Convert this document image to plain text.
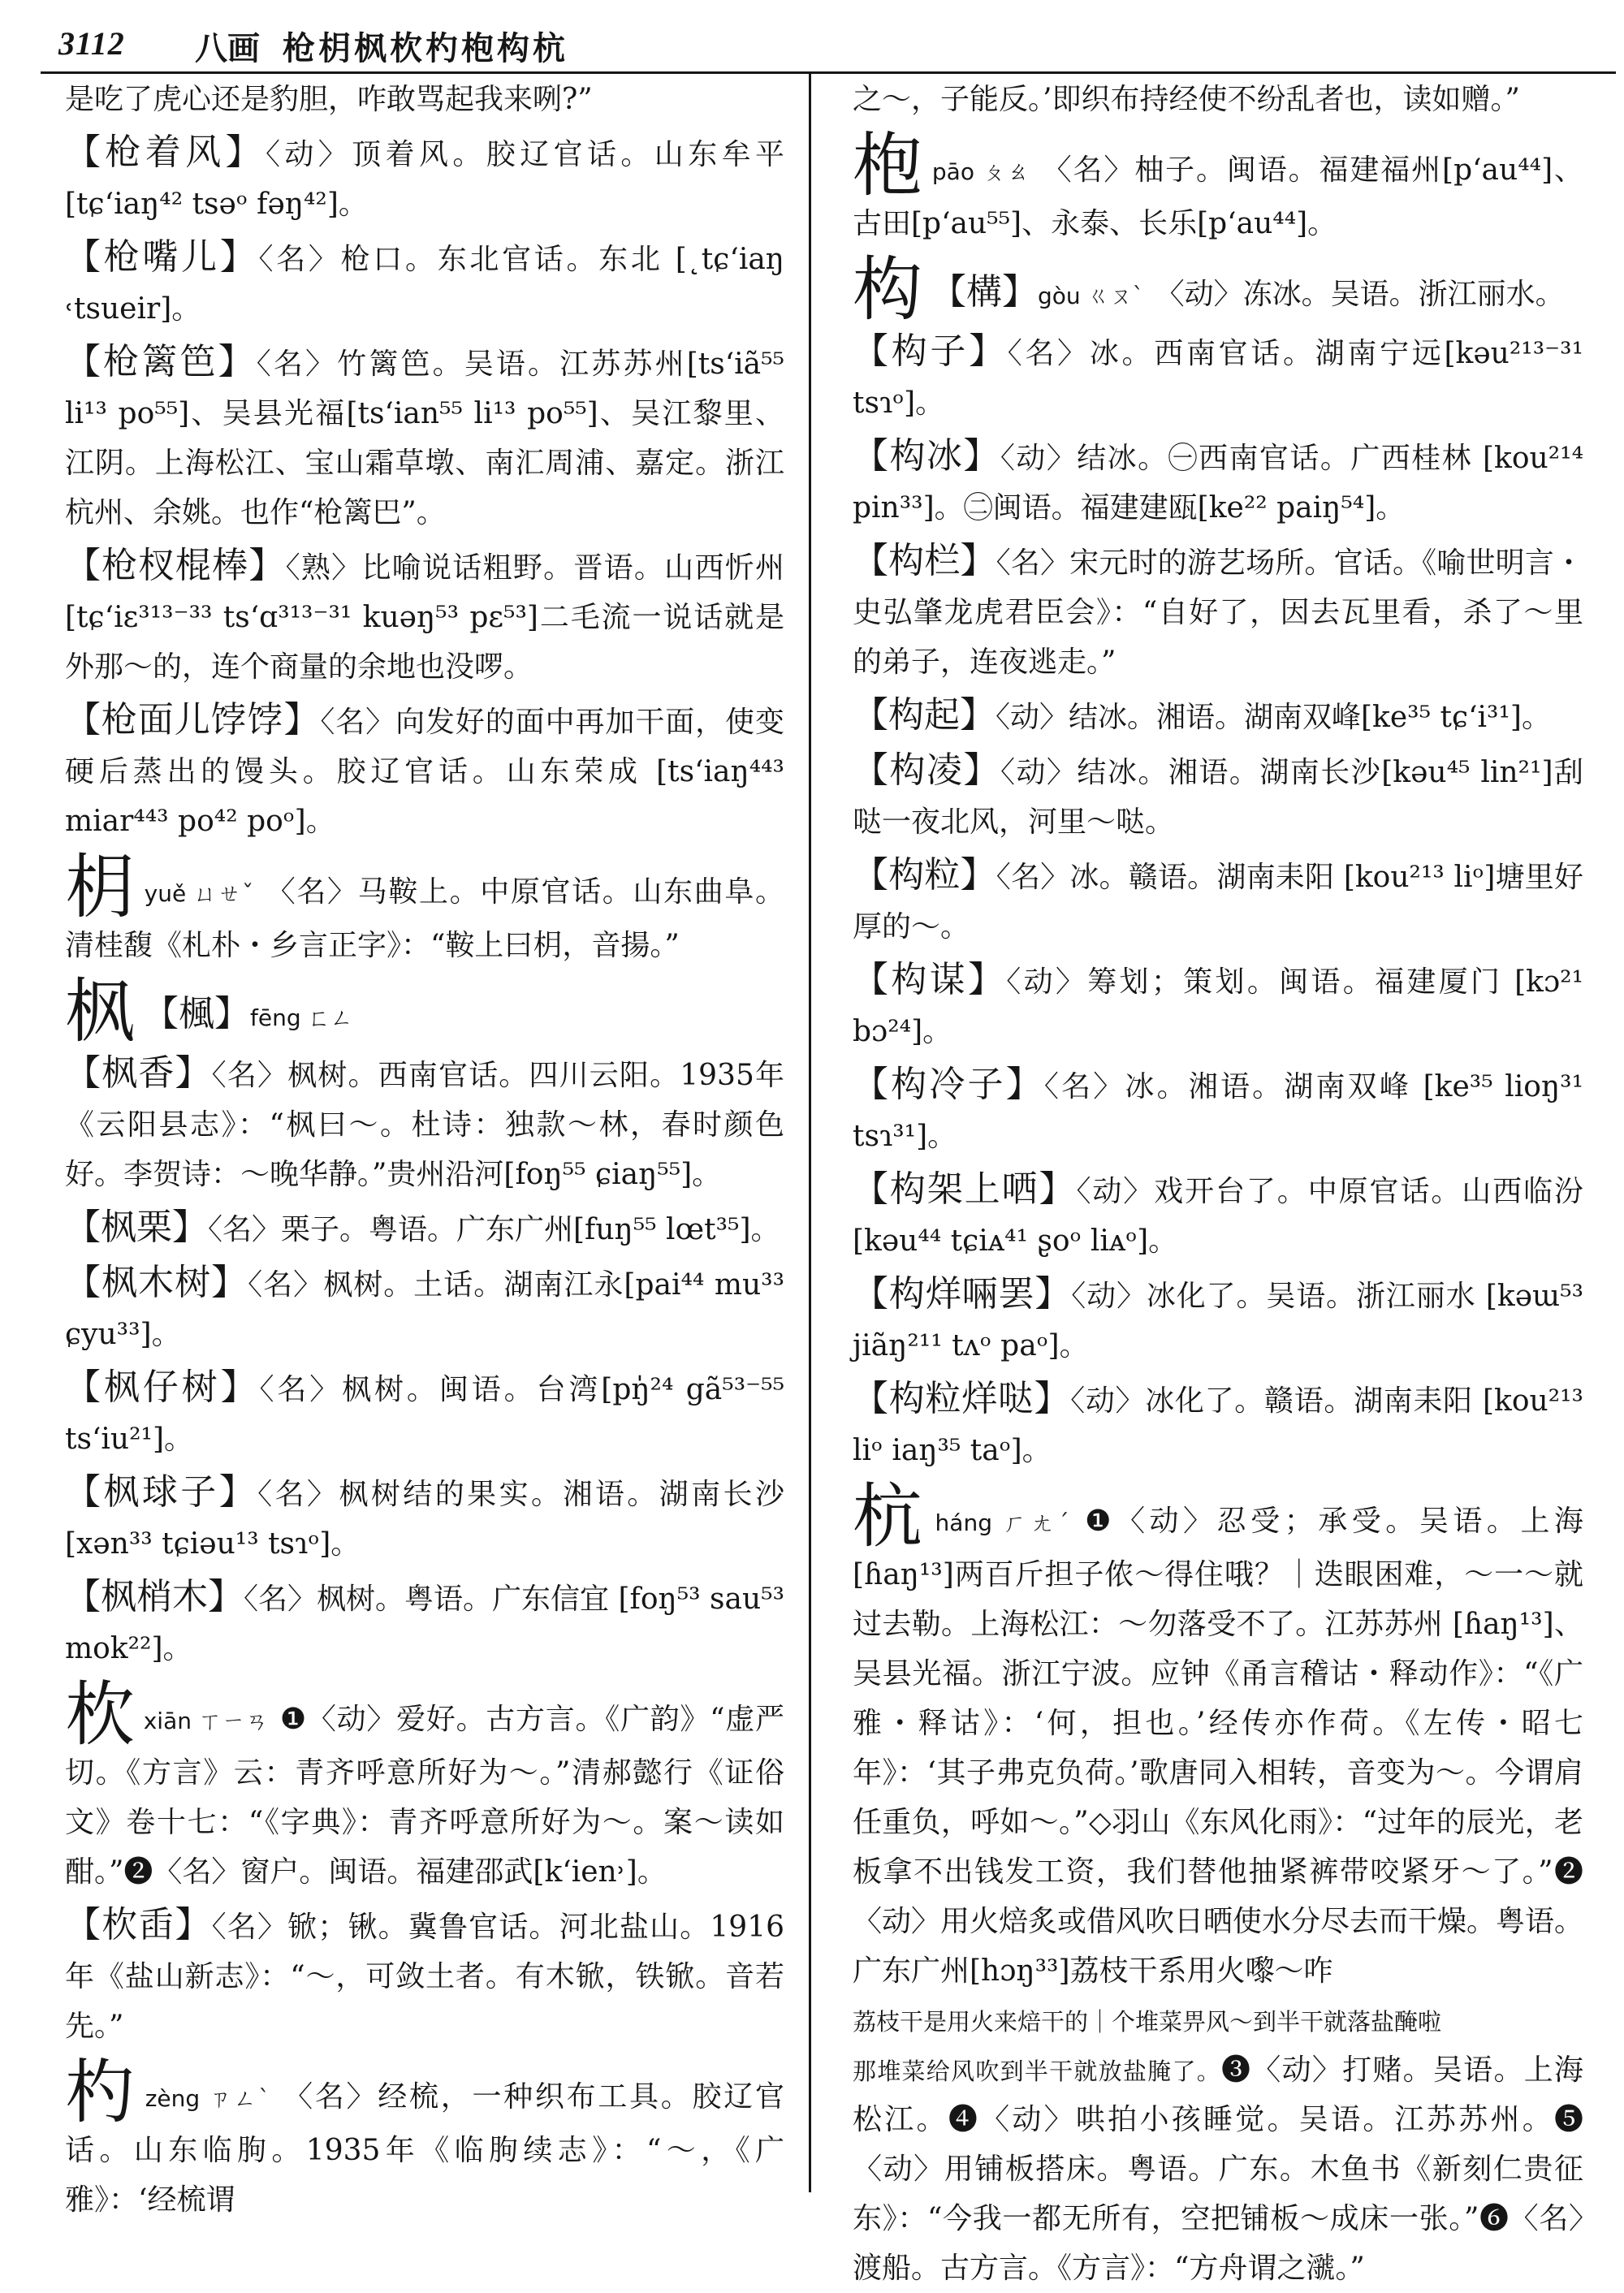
3112 八画 枪枂枫杴杓枹构杭

是吃了虎心还是豹胆，咋敢骂起我来咧?”

【枪着风】〈动〉顶着风。胶辽官话。山东牟平[tɕʻiaŋ⁴² tsəᵒ fəŋ⁴²]。

【枪嘴儿】〈名〉枪口。东北官话。东北 [˛tɕʻiaŋ ˓tsueir]。

【枪篱笆】〈名〉竹篱笆。吴语。江苏苏州[tsʻiã⁵⁵ li¹³ po⁵⁵]、吴县光福[tsʻian⁵⁵ li¹³ po⁵⁵]、吴江黎里、江阴。上海松江、宝山霜草墩、南汇周浦、嘉定。浙江杭州、余姚。也作“枪篱巴”。

【枪杈棍棒】〈熟〉比喻说话粗野。晋语。山西忻州[tɕʻiɛ³¹³⁻³³ tsʻɑ³¹³⁻³¹ kuəŋ⁵³ pɛ⁵³]二毛流一说话就是外那～的，连个商量的余地也没啰。

【枪面儿饽饽】〈名〉向发好的面中再加干面，使变硬后蒸出的馒头。胶辽官话。山东荣成 [tsʻiaŋ⁴⁴³ miar⁴⁴³ po⁴² poᵒ]。

枂yuě ㄩㄝˇ 〈名〉马鞍上。中原官话。山东曲阜。清桂馥《札朴・乡言正字》：“鞍上曰枂，音揚。”

枫 【楓】fēng ㄈㄥ

【枫香】〈名〉枫树。西南官话。四川云阳。1935年《云阳县志》：“枫曰～。杜诗：独款～林，春时颜色好。李贺诗：～晚华静。”贵州沿河[foŋ⁵⁵ ɕiaŋ⁵⁵]。

【枫栗】〈名〉栗子。粤语。广东广州[fuŋ⁵⁵ lœt³⁵]。

【枫木树】〈名〉枫树。土话。湖南江永[pai⁴⁴ mu³³ ɕyu³³]。

【枫仔树】〈名〉枫树。闽语。台湾[pŋ̍²⁴ gã⁵³⁻⁵⁵ tsʻiu²¹]。

【枫球子】〈名〉枫树结的果实。湘语。湖南长沙 [xən³³ tɕiəu¹³ tsɿᵒ]。

【枫梢木】〈名〉枫树。粤语。广东信宜 [foŋ⁵³ sau⁵³ mok²²]。

杴xiān ㄒㄧㄢ ❶〈动〉爱好。古方言。《广韵》“虚严切。《方言》云：青齐呼意所好为～。”清郝懿行《证俗文》卷十七：“《字典》：青齐呼意所好为～。案～读如酣。”❷〈名〉窗户。闽语。福建邵武[kʻien˒]。

【杴臿】〈名〉锨；锹。冀鲁官话。河北盐山。1916年《盐山新志》：“～，可敛土者。有木锨，铁锨。音若先。”

杓zèng ㄗㄥˋ 〈名〉经梳，一种织布工具。胶辽官话。山东临朐。1935年《临朐续志》：“～，《广雅》：‘经梳谓

之～，子能反。’即织布持经使不纷乱者也，读如赠。”

枹pāo ㄆㄠ 〈名〉柚子。闽语。福建福州[pʻau⁴⁴]、古田[pʻau⁵⁵]、永泰、长乐[pʻau⁴⁴]。

构 【構】gòu ㄍㄡˋ 〈动〉冻冰。吴语。浙江丽水。

【构子】〈名〉冰。西南官话。湖南宁远[kəu²¹³⁻³¹ tsɿᵒ]。

【构冰】〈动〉结冰。㊀西南官话。广西桂林 [kou²¹⁴ pin³³]。㊁闽语。福建建瓯[ke²² paiŋ⁵⁴]。

【构栏】〈名〉宋元时的游艺场所。官话。《喻世明言・史弘肇龙虎君臣会》：“自好了，因去瓦里看，杀了～里的弟子，连夜逃走。”

【构起】〈动〉结冰。湘语。湖南双峰[ke³⁵ tɕʻi³¹]。

【构凌】〈动〉结冰。湘语。湖南长沙[kəu⁴⁵ lin²¹]刮哒一夜北风，河里～哒。

【构粒】〈名〉冰。赣语。湖南耒阳 [kou²¹³ liᵒ]塘里好厚的～。

【构谋】〈动〉筹划；策划。闽语。福建厦门 [kɔ²¹ bɔ²⁴]。

【构冷子】〈名〉冰。湘语。湖南双峰 [ke³⁵ lioŋ³¹ tsɿ³¹]。

【构架上哂】〈动〉戏开台了。中原官话。山西临汾 [kəu⁴⁴ tɕiᴀ⁴¹ ʂoᵒ liᴀᵒ]。

【构烊啢罢】〈动〉冰化了。吴语。浙江丽水 [kəɯ⁵³ jiãŋ²¹¹ tʌᵒ paᵒ]。

【构粒烊哒】〈动〉冰化了。赣语。湖南耒阳 [kou²¹³ liᵒ iaŋ³⁵ taᵒ]。

杭háng ㄏㄤˊ ❶〈动〉忍受；承受。吴语。上海[ɦaŋ¹³]两百斤担子侬～得住哦？｜迭眼困难，～一～就过去勒。上海松江：～勿落受不了。江苏苏州 [ɦaŋ¹³]、吴县光福。浙江宁波。应钟《甬言稽诂・释动作》：“《广雅・释诂》：‘何，担也。’经传亦作荷。《左传・昭七年》：‘其子弗克负荷。’歌唐同入相转，音变为～。今谓肩任重负，呼如～。”◇羽山《东风化雨》：“过年的辰光，老板拿不出钱发工资，我们替他抽紧裤带咬紧牙～了。”❷〈动〉用火焙炙或借风吹日晒使水分尽去而干燥。粤语。广东广州[hɔŋ³³]荔枝干系用火嚟～咋

荔枝干是用火来焙干的｜个堆菜畀风～到半干就落盐醃啦

那堆菜给风吹到半干就放盐腌了。❸〈动〉打赌。吴语。上海松江。❹〈动〉哄拍小孩睡觉。吴语。江苏苏州。❺〈动〉用铺板搭床。粤语。广东。木鱼书《新刻仁贵征东》：“今我一都无所有，空把铺板～成床一张。”❻〈名〉渡船。古方言。《方言》：“方舟谓之㶁。”
